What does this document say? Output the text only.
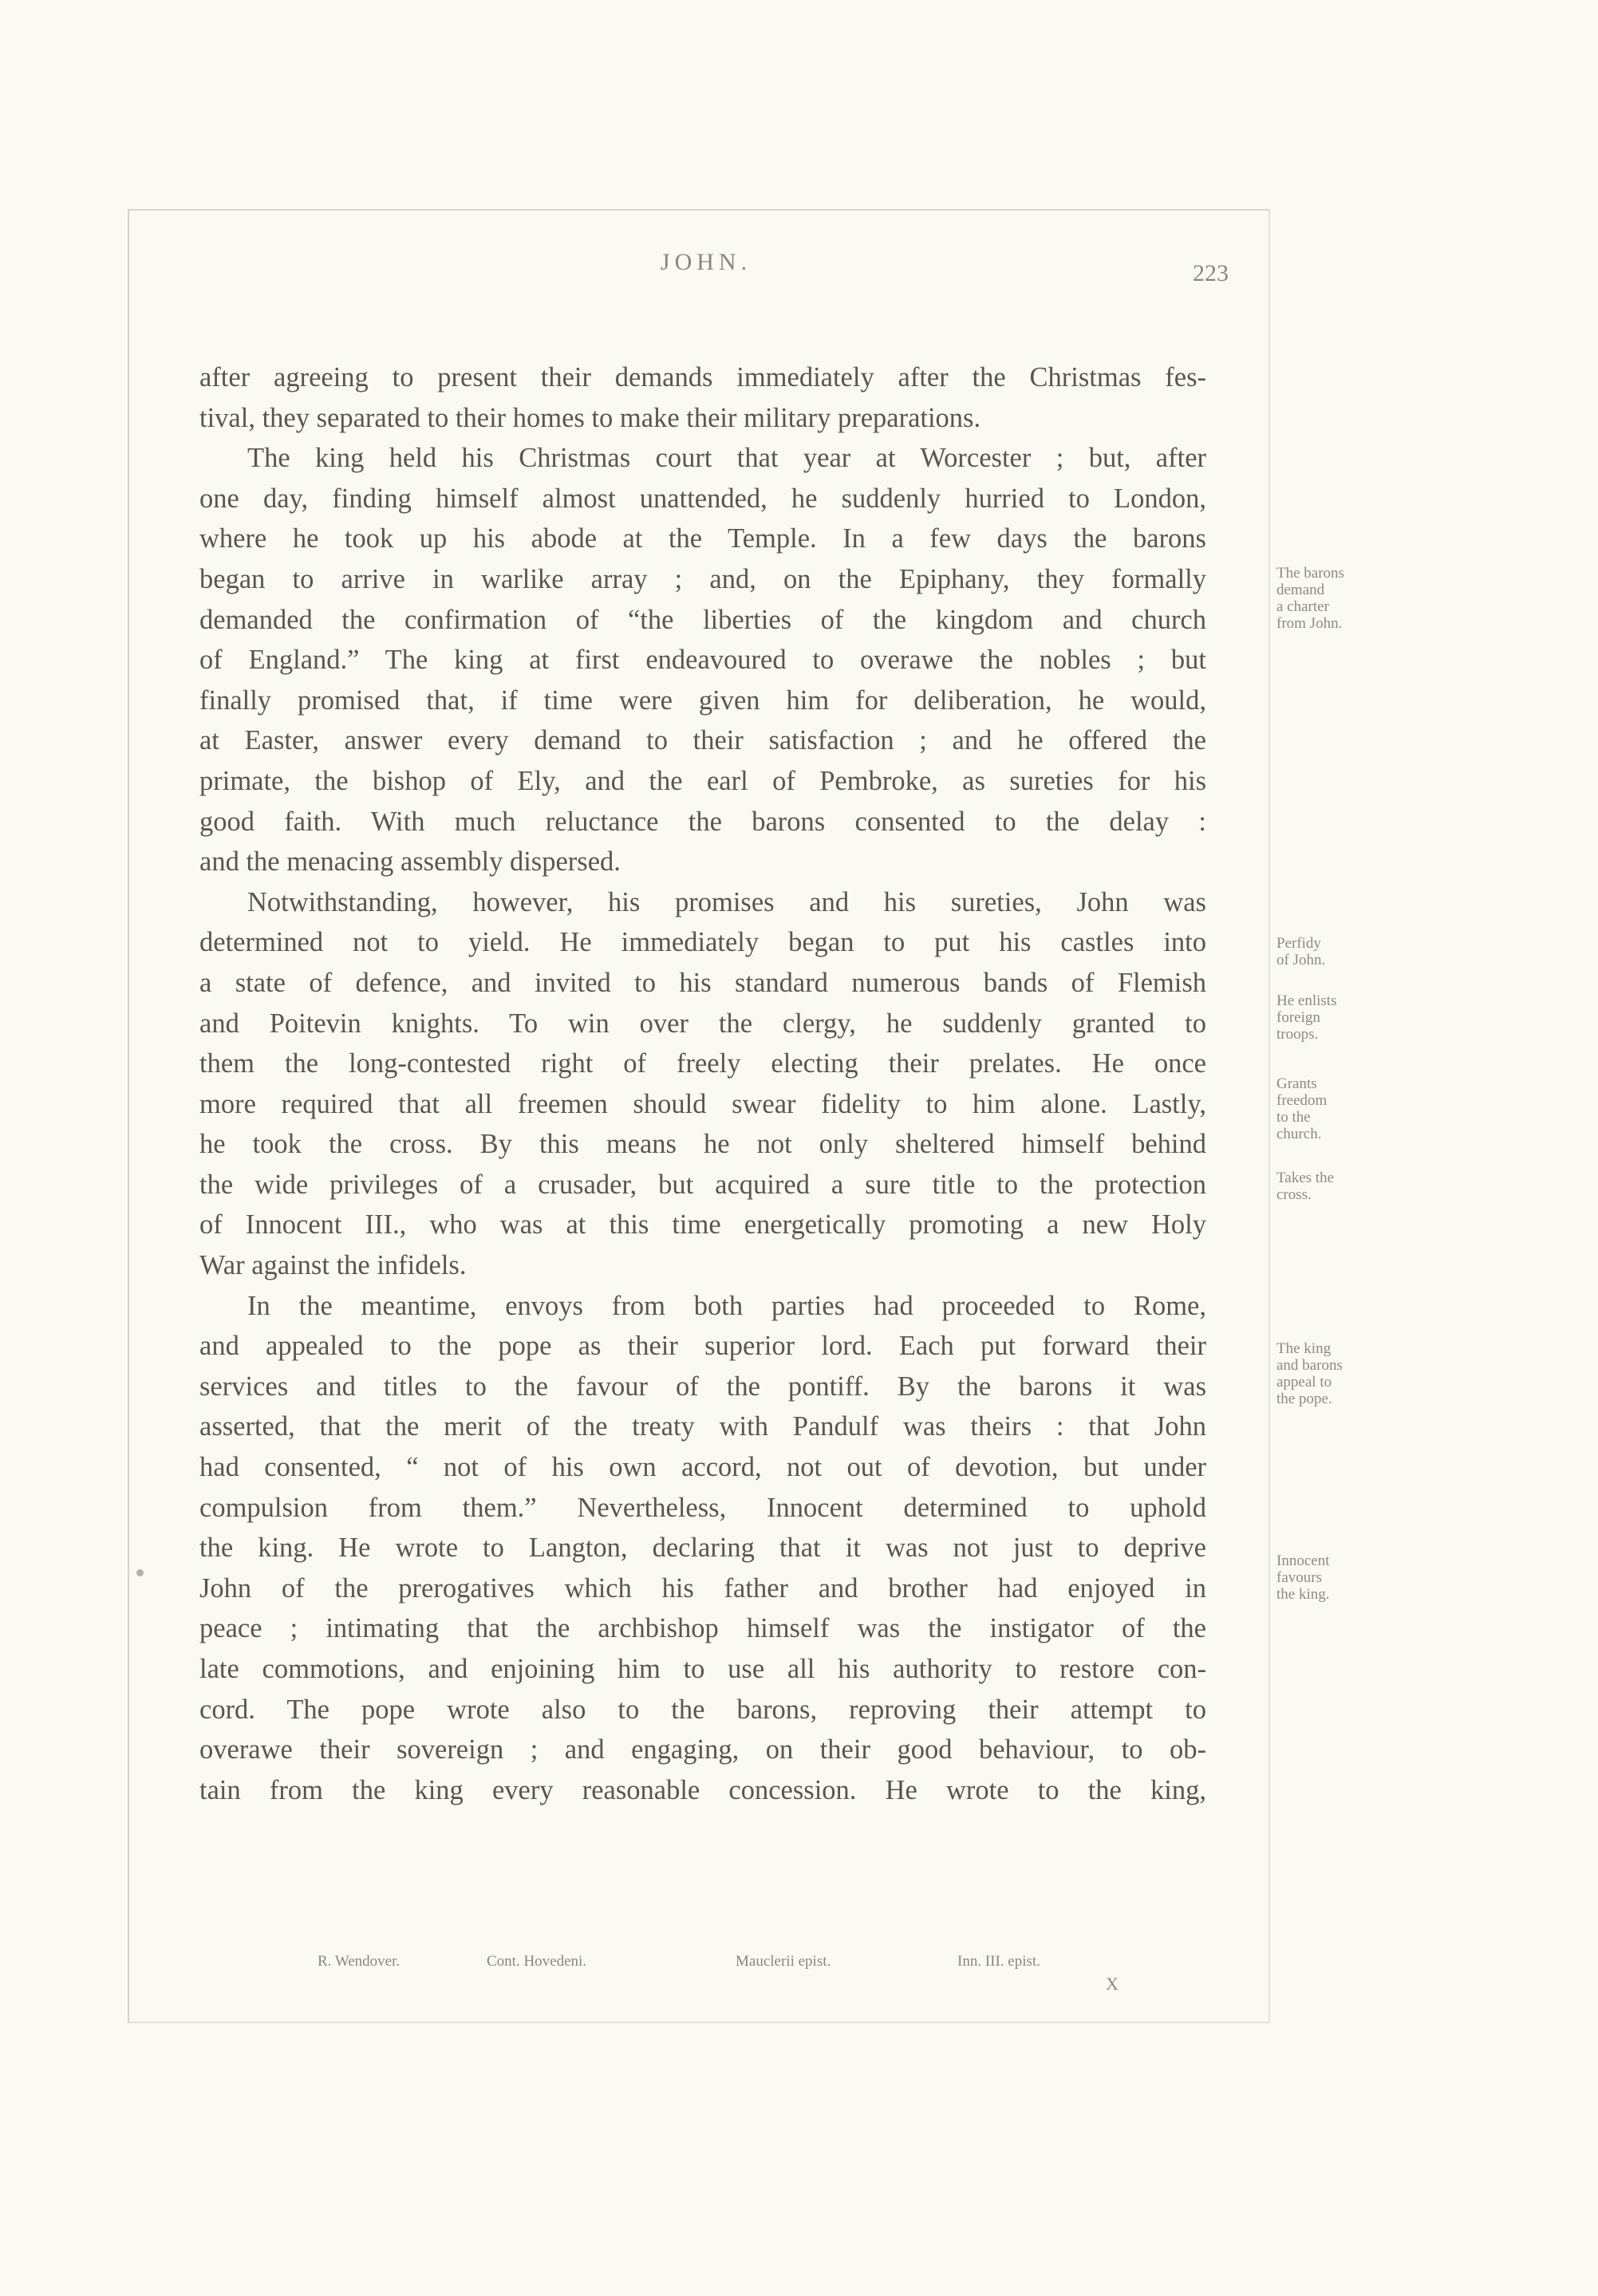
JOHN.	223
after agreeing to present their demands immediately after the Christmas fes-
tival, they separated to their homes to make their military preparations.
The king held his Christmas court that year at Worcester ; but, after
one day, finding himself almost unattended, he suddenly hurried to London,
where he took up his abode at the Temple. In a few days the barons
began to arrive in warlike array ; and, on the Epiphany, they formally
demanded the confirmation of “the liberties of the kingdom and church
of England.” The king at first endeavoured to overawe the nobles ; but
finally promised that, if time were given him for deliberation, he would,
at Easter, answer every demand to their satisfaction ; and he offered the
primate, the bishop of Ely, and the earl of Pembroke, as sureties for his
good faith. With much reluctance the barons consented to the delay :
and the menacing assembly dispersed.
Notwithstanding, however, his promises and his sureties, John was
determined not to yield. He immediately began to put his castles into
a state of defence, and invited to his standard numerous bands of Flemish
and Poitevin knights. To win over the clergy, he suddenly granted to
them the long-contested right of freely electing their prelates. He once
more required that all freemen should swear fidelity to him alone. Lastly,
he took the cross. By this means he not only sheltered himself behind
the wide privileges of a crusader, but acquired a sure title to the protection
of Innocent III., who was at this time energetically promoting a new Holy
War against the infidels.
In the meantime, envoys from both parties had proceeded to Rome,
and appealed to the pope as their superior lord. Each put forward their
services and titles to the favour of the pontiff. By the barons it was
asserted, that the merit of the treaty with Pandulf was theirs : that John
had consented, “ not of his own accord, not out of devotion, but under
compulsion from them.” Nevertheless, Innocent determined to uphold
the king. He wrote to Langton, declaring that it was not just to deprive
John of the prerogatives which his father and brother had enjoyed in
peace ; intimating that the archbishop himself was the instigator of the
late commotions, and enjoining him to use all his authority to restore con-
cord. The pope wrote also to the barons, reproving their attempt to
overawe their sovereign ; and engaging, on their good behaviour, to ob-
tain from the king every reasonable concession. He wrote to the king,
The barons
demand
a charter
from John.
Perfidy
of John.
He enlists
foreign
troops.
Grants
freedom
to the
church.
Takes the
cross.
The king
and barons
appeal to
the pope.
Innocent
favours
the king.
R. Wendover.	Cont. Hovedeni.	Mauclerii epist.	Inn. III. epist.
X
